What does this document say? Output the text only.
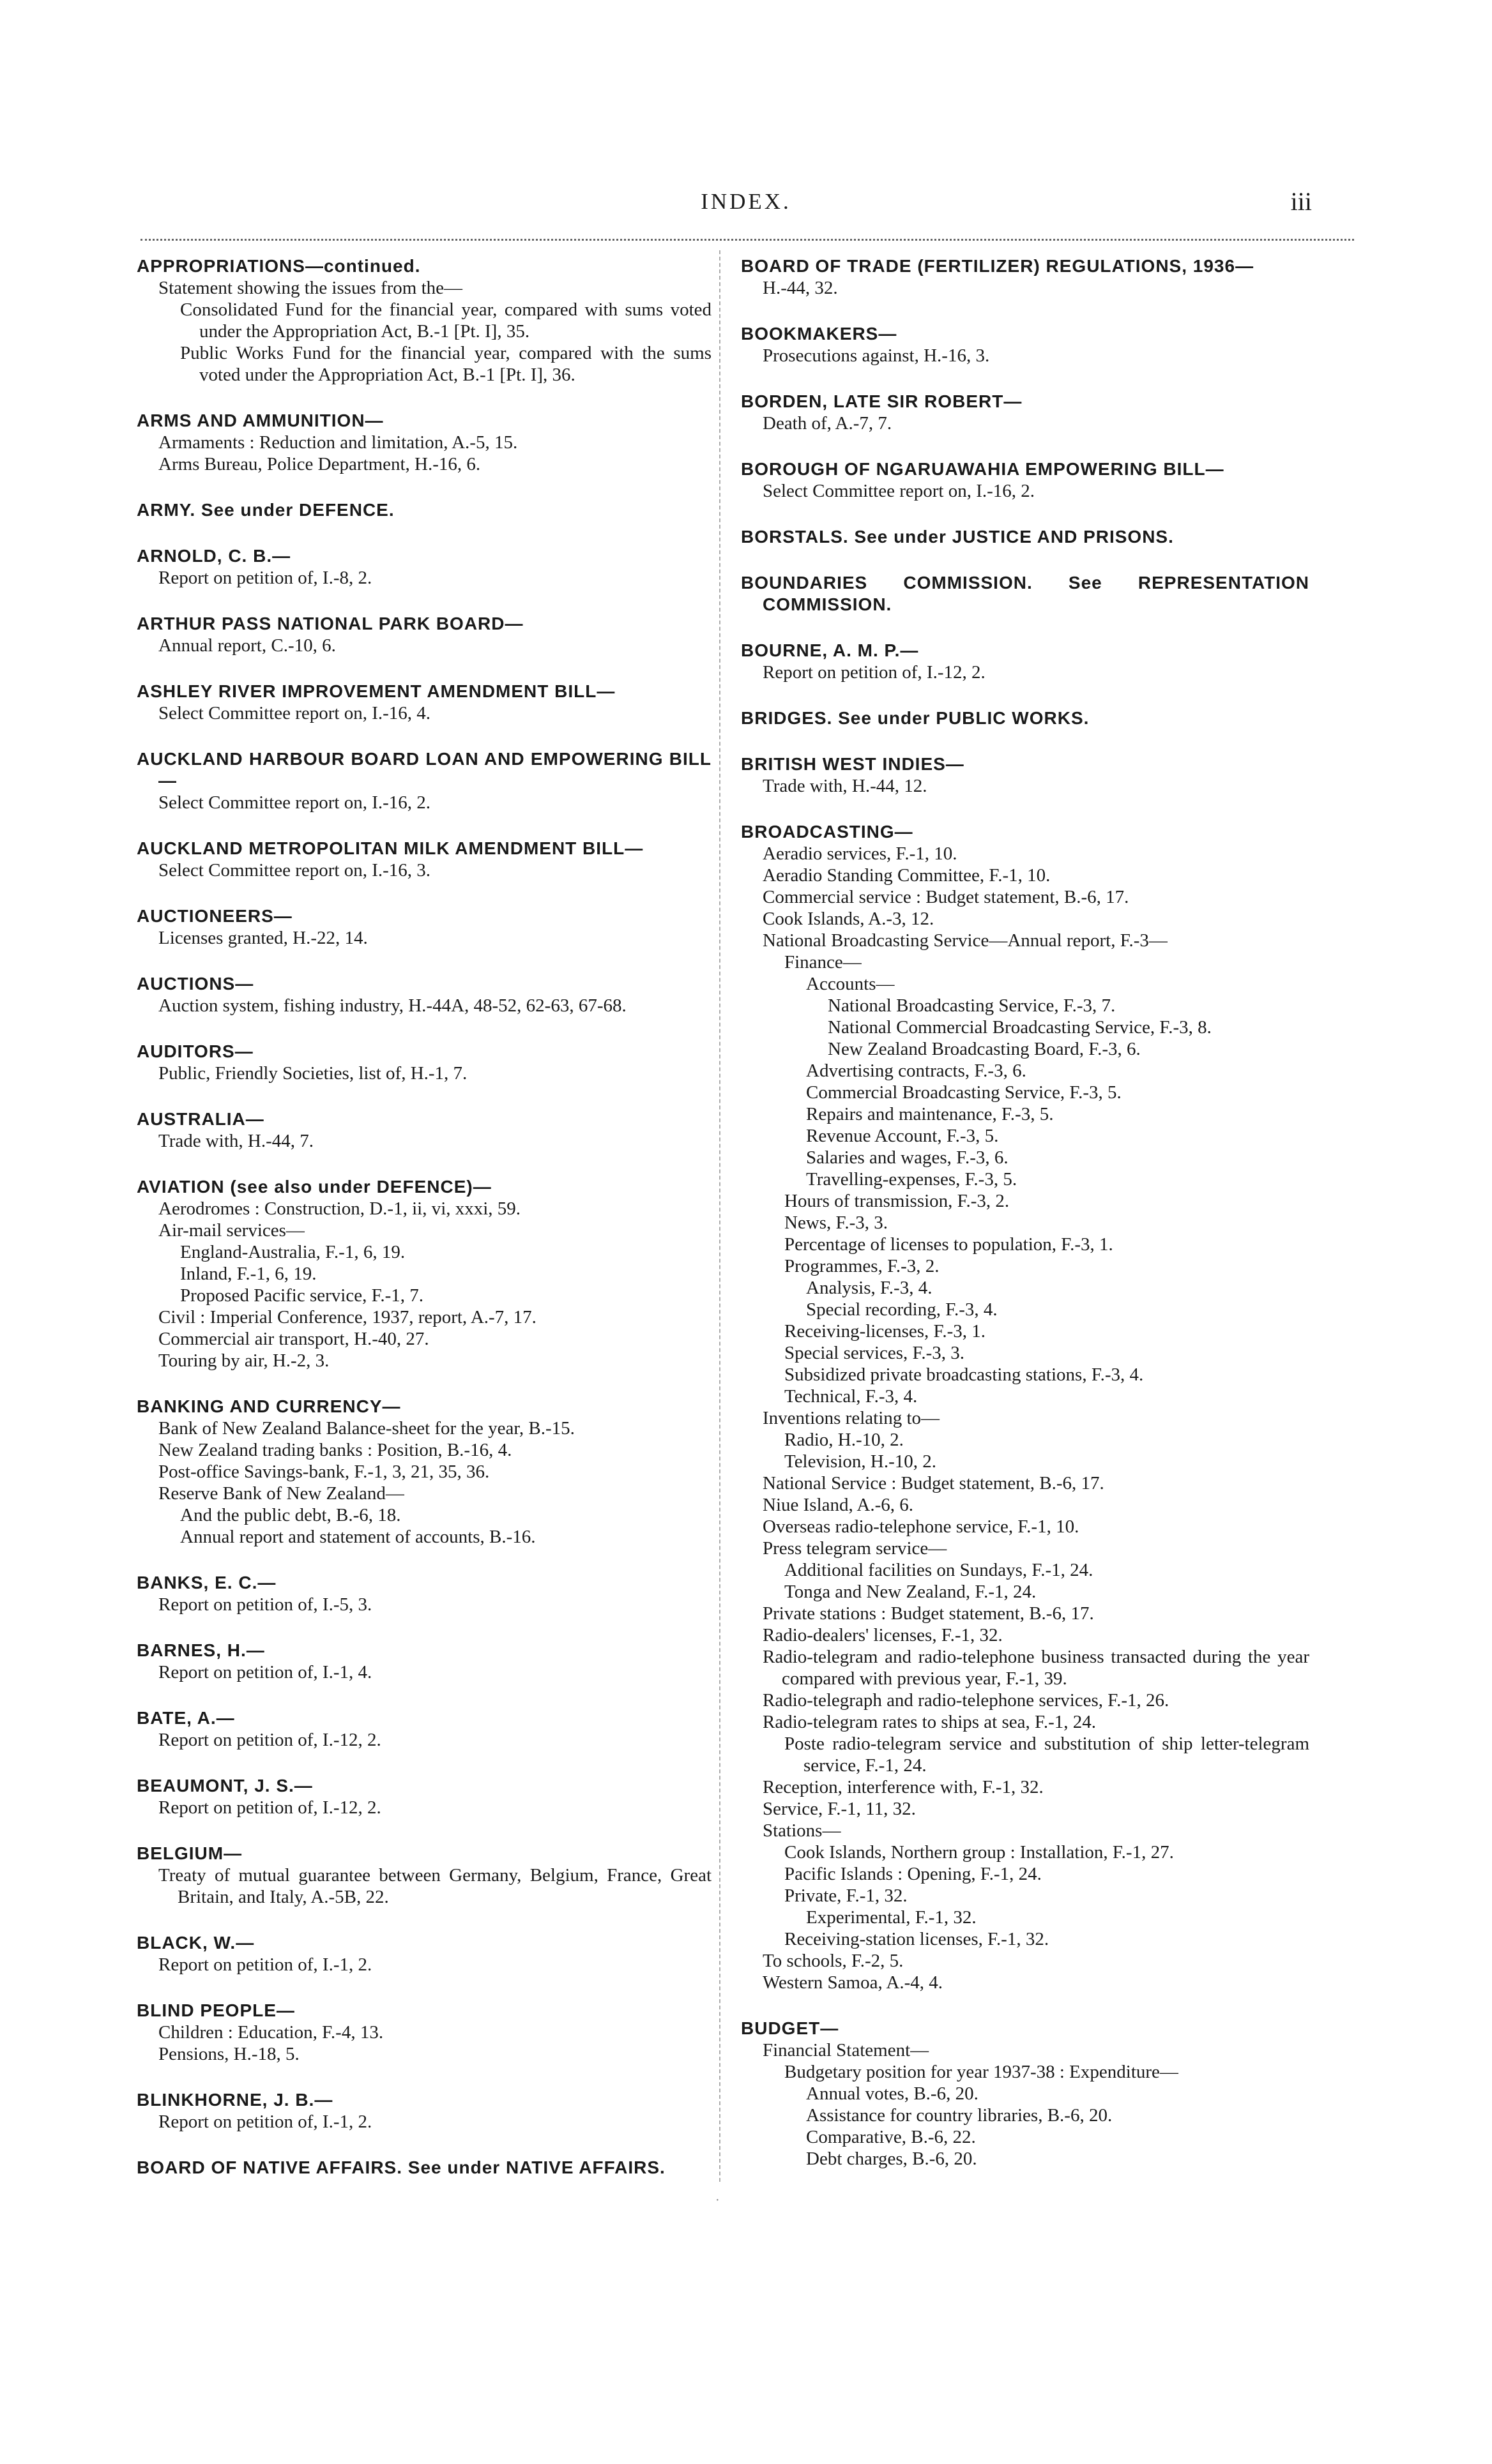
INDEX.	iii
APPROPRIATIONS—continued.
Statement showing the issues from the—
Consolidated Fund for the financial year, compared with sums voted under the Appropriation Act, B.-1 [Pt. I], 35.
Public Works Fund for the financial year, compared with the sums voted under the Appropriation Act, B.-1 [Pt. I], 36.
ARMS AND AMMUNITION—
Armaments : Reduction and limitation, A.-5, 15.
Arms Bureau, Police Department, H.-16, 6.
ARMY. See under DEFENCE.
ARNOLD, C. B.—
Report on petition of, I.-8, 2.
ARTHUR PASS NATIONAL PARK BOARD—
Annual report, C.-10, 6.
ASHLEY RIVER IMPROVEMENT AMENDMENT BILL—
Select Committee report on, I.-16, 4.
AUCKLAND HARBOUR BOARD LOAN AND EMPOWERING BILL—
Select Committee report on, I.-16, 2.
AUCKLAND METROPOLITAN MILK AMENDMENT BILL—
Select Committee report on, I.-16, 3.
AUCTIONEERS—
Licenses granted, H.-22, 14.
AUCTIONS—
Auction system, fishing industry, H.-44A, 48-52, 62-63, 67-68.
AUDITORS—
Public, Friendly Societies, list of, H.-1, 7.
AUSTRALIA—
Trade with, H.-44, 7.
AVIATION (see also under DEFENCE)—
Aerodromes : Construction, D.-1, ii, vi, xxxi, 59.
Air-mail services—
England-Australia, F.-1, 6, 19.
Inland, F.-1, 6, 19.
Proposed Pacific service, F.-1, 7.
Civil : Imperial Conference, 1937, report, A.-7, 17.
Commercial air transport, H.-40, 27.
Touring by air, H.-2, 3.
BANKING AND CURRENCY—
Bank of New Zealand Balance-sheet for the year, B.-15.
New Zealand trading banks : Position, B.-16, 4.
Post-office Savings-bank, F.-1, 3, 21, 35, 36.
Reserve Bank of New Zealand—
And the public debt, B.-6, 18.
Annual report and statement of accounts, B.-16.
BANKS, E. C.—
Report on petition of, I.-5, 3.
BARNES, H.—
Report on petition of, I.-1, 4.
BATE, A.—
Report on petition of, I.-12, 2.
BEAUMONT, J. S.—
Report on petition of, I.-12, 2.
BELGIUM—
Treaty of mutual guarantee between Germany, Belgium, France, Great Britain, and Italy, A.-5B, 22.
BLACK, W.—
Report on petition of, I.-1, 2.
BLIND PEOPLE—
Children : Education, F.-4, 13.
Pensions, H.-18, 5.
BLINKHORNE, J. B.—
Report on petition of, I.-1, 2.
BOARD OF NATIVE AFFAIRS. See under NATIVE AFFAIRS.
BOARD OF TRADE (FERTILIZER) REGULATIONS, 1936—
H.-44, 32.
BOOKMAKERS—
Prosecutions against, H.-16, 3.
BORDEN, LATE SIR ROBERT—
Death of, A.-7, 7.
BOROUGH OF NGARUAWAHIA EMPOWERING BILL—
Select Committee report on, I.-16, 2.
BORSTALS. See under JUSTICE AND PRISONS.
BOUNDARIES COMMISSION. See REPRESENTATION COMMISSION.
BOURNE, A. M. P.—
Report on petition of, I.-12, 2.
BRIDGES. See under PUBLIC WORKS.
BRITISH WEST INDIES—
Trade with, H.-44, 12.
BROADCASTING—
Aeradio services, F.-1, 10.
Aeradio Standing Committee, F.-1, 10.
Commercial service : Budget statement, B.-6, 17.
Cook Islands, A.-3, 12.
National Broadcasting Service—Annual report, F.-3—
Finance—
Accounts—
National Broadcasting Service, F.-3, 7.
National Commercial Broadcasting Service, F.-3, 8.
New Zealand Broadcasting Board, F.-3, 6.
Advertising contracts, F.-3, 6.
Commercial Broadcasting Service, F.-3, 5.
Repairs and maintenance, F.-3, 5.
Revenue Account, F.-3, 5.
Salaries and wages, F.-3, 6.
Travelling-expenses, F.-3, 5.
Hours of transmission, F.-3, 2.
News, F.-3, 3.
Percentage of licenses to population, F.-3, 1.
Programmes, F.-3, 2.
Analysis, F.-3, 4.
Special recording, F.-3, 4.
Receiving-licenses, F.-3, 1.
Special services, F.-3, 3.
Subsidized private broadcasting stations, F.-3, 4.
Technical, F.-3, 4.
Inventions relating to—
Radio, H.-10, 2.
Television, H.-10, 2.
National Service : Budget statement, B.-6, 17.
Niue Island, A.-6, 6.
Overseas radio-telephone service, F.-1, 10.
Press telegram service—
Additional facilities on Sundays, F.-1, 24.
Tonga and New Zealand, F.-1, 24.
Private stations : Budget statement, B.-6, 17.
Radio-dealers' licenses, F.-1, 32.
Radio-telegram and radio-telephone business transacted during the year compared with previous year, F.-1, 39.
Radio-telegraph and radio-telephone services, F.-1, 26.
Radio-telegram rates to ships at sea, F.-1, 24.
Poste radio-telegram service and substitution of ship letter-telegram service, F.-1, 24.
Reception, interference with, F.-1, 32.
Service, F.-1, 11, 32.
Stations—
Cook Islands, Northern group : Installation, F.-1, 27.
Pacific Islands : Opening, F.-1, 24.
Private, F.-1, 32.
Experimental, F.-1, 32.
Receiving-station licenses, F.-1, 32.
To schools, F.-2, 5.
Western Samoa, A.-4, 4.
BUDGET—
Financial Statement—
Budgetary position for year 1937-38 : Expenditure—
Annual votes, B.-6, 20.
Assistance for country libraries, B.-6, 20.
Comparative, B.-6, 22.
Debt charges, B.-6, 20.
·
